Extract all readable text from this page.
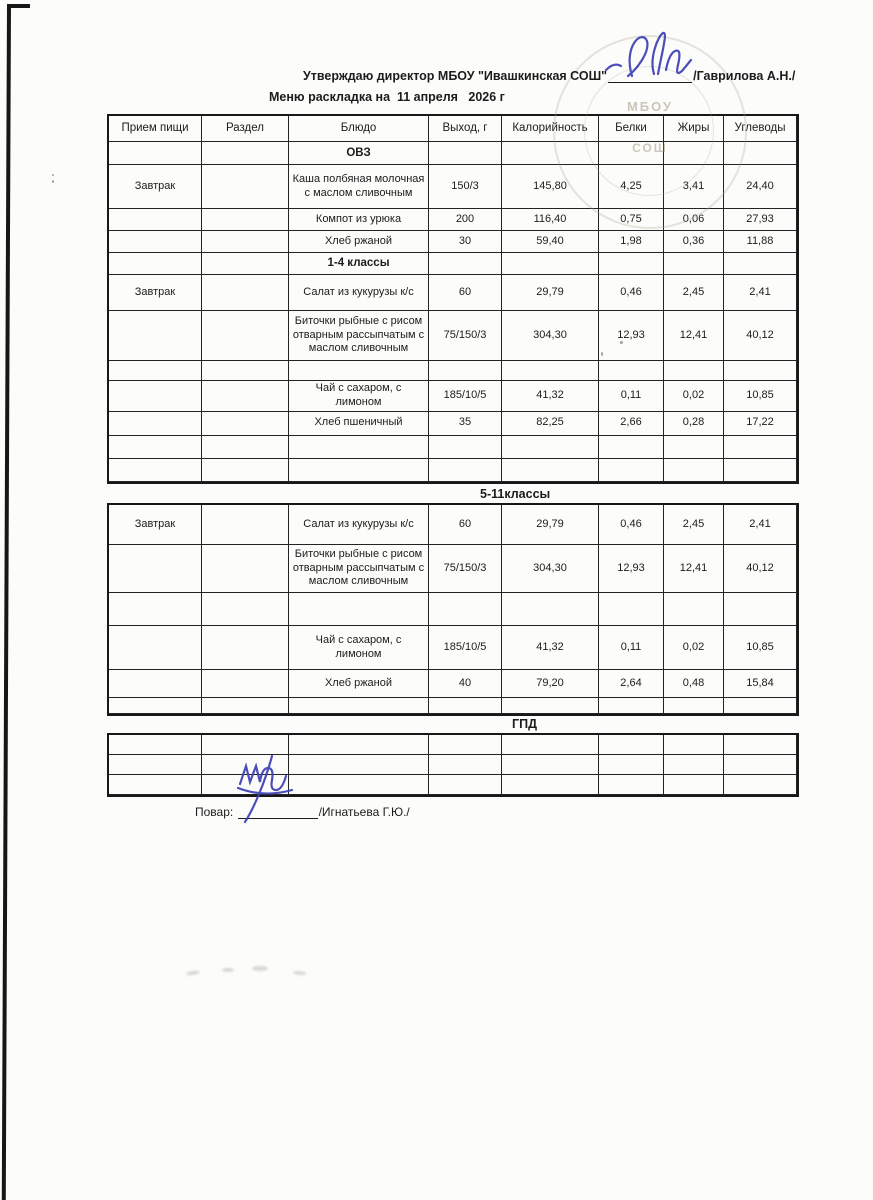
МБОУ
СОШ
Утверждаю директор МБОУ "Ивашкинская СОШ"

	/Гаврилова А.Н./
Меню раскладка на  11 апреля   2026 г
Прием пищи	Раздел	Блюдо	Выход, г	Калорийность	Белки	Жиры	Углеводы
		ОВЗ					
Завтрак		Каша полбяная молочная с маслом сливочным	150/3	145,80	4,25	3,41	24,40
		Компот из урюка	200	116,40	0,75	0,06	27,93
		Хлеб ржаной	30	59,40	1,98	0,36	11,88
		1-4 классы					
Завтрак		Салат из кукурузы к/с	60	29,79	0,46	2,45	2,41
		Биточки рыбные с рисом отварным рассыпчатым с маслом сливочным	75/150/3	304,30	12,93	12,41	40,12

		Чай с сахаром, с лимоном	185/10/5	41,32	0,11	0,02	10,85
		Хлеб пшеничный	35	82,25	2,66	0,28	17,22

5-11классы
Завтрак		Салат из кукурузы к/с	60	29,79	0,46	2,45	2,41
		Биточки рыбные с рисом отварным рассыпчатым с маслом сливочным	75/150/3	304,30	12,93	12,41	40,12

		Чай с сахаром, с лимоном	185/10/5	41,32	0,11	0,02	10,85
		Хлеб ржаной	40	79,20	2,64	0,48	15,84

ГПД

Повар:

	/Игнатьева Г.Ю./
